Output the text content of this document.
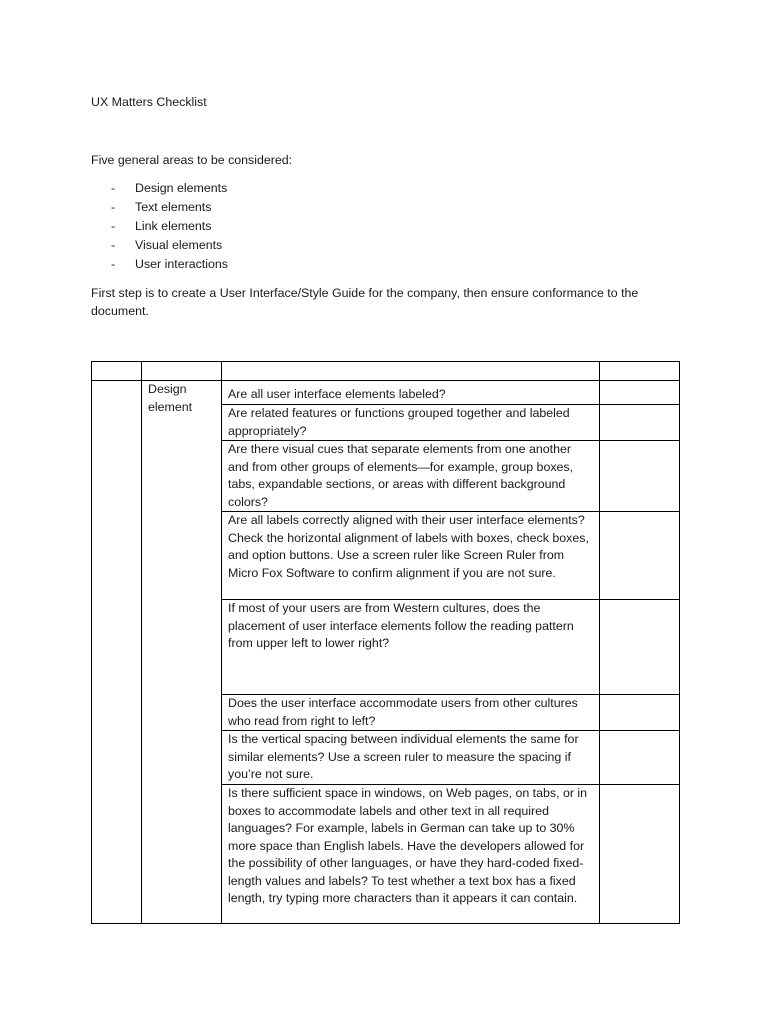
UX Matters Checklist
Five general areas to be considered:
- Design elements
- Text elements
- Link elements
- Visual elements
- User interactions
First step is to create a User Interface/Style Guide for the company, then ensure conformance to the document.

	Design element	Are all user interface elements labeled?	
		Are related features or functions grouped together and labeled appropriately?	
		Are there visual cues that separate elements from one another and from other groups of elements—for example, group boxes, tabs, expandable sections, or areas with different background colors?	
		Are all labels correctly aligned with their user interface elements? Check the horizontal alignment of labels with boxes, check boxes, and option buttons. Use a screen ruler like Screen Ruler from Micro Fox Software to confirm alignment if you are not sure.	
		If most of your users are from Western cultures, does the placement of user interface elements follow the reading pattern from upper left to lower right?	
		Does the user interface accommodate users from other cultures who read from right to left?	
		Is the vertical spacing between individual elements the same for similar elements? Use a screen ruler to measure the spacing if you’re not sure.	
		Is there sufficient space in windows, on Web pages, on tabs, or in boxes to accommodate labels and other text in all required languages? For example, labels in German can take up to 30% more space than English labels. Have the developers allowed for the possibility of other languages, or have they hard-coded fixed-length values and labels? To test whether a text box has a fixed length, try typing more characters than it appears it can contain.	
